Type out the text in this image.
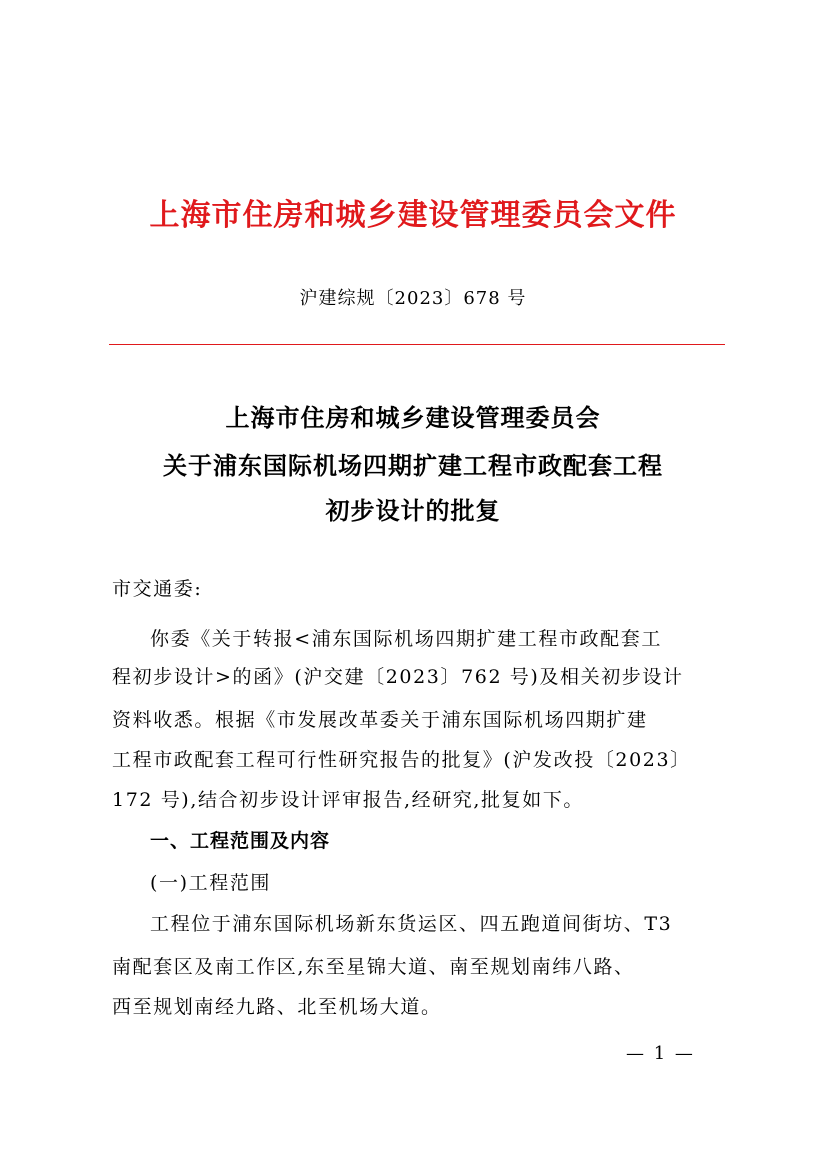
上海市住房和城乡建设管理委员会文件
沪建综规〔2023〕678 号
上海市住房和城乡建设管理委员会
关于浦东国际机场四期扩建工程市政配套工程
初步设计的批复
市交通委:
你委《关于转报<浦东国际机场四期扩建工程市政配套工
程初步设计>的函》(沪交建〔2023〕762 号)及相关初步设计
资料收悉。根据《市发展改革委关于浦东国际机场四期扩建
工程市政配套工程可行性研究报告的批复》(沪发改投〔2023〕
172 号),结合初步设计评审报告,经研究,批复如下。
一、工程范围及内容
(一)工程范围
工程位于浦东国际机场新东货运区、四五跑道间街坊、T3
南配套区及南工作区,东至星锦大道、南至规划南纬八路、
西至规划南经九路、北至机场大道。
— 1 —
